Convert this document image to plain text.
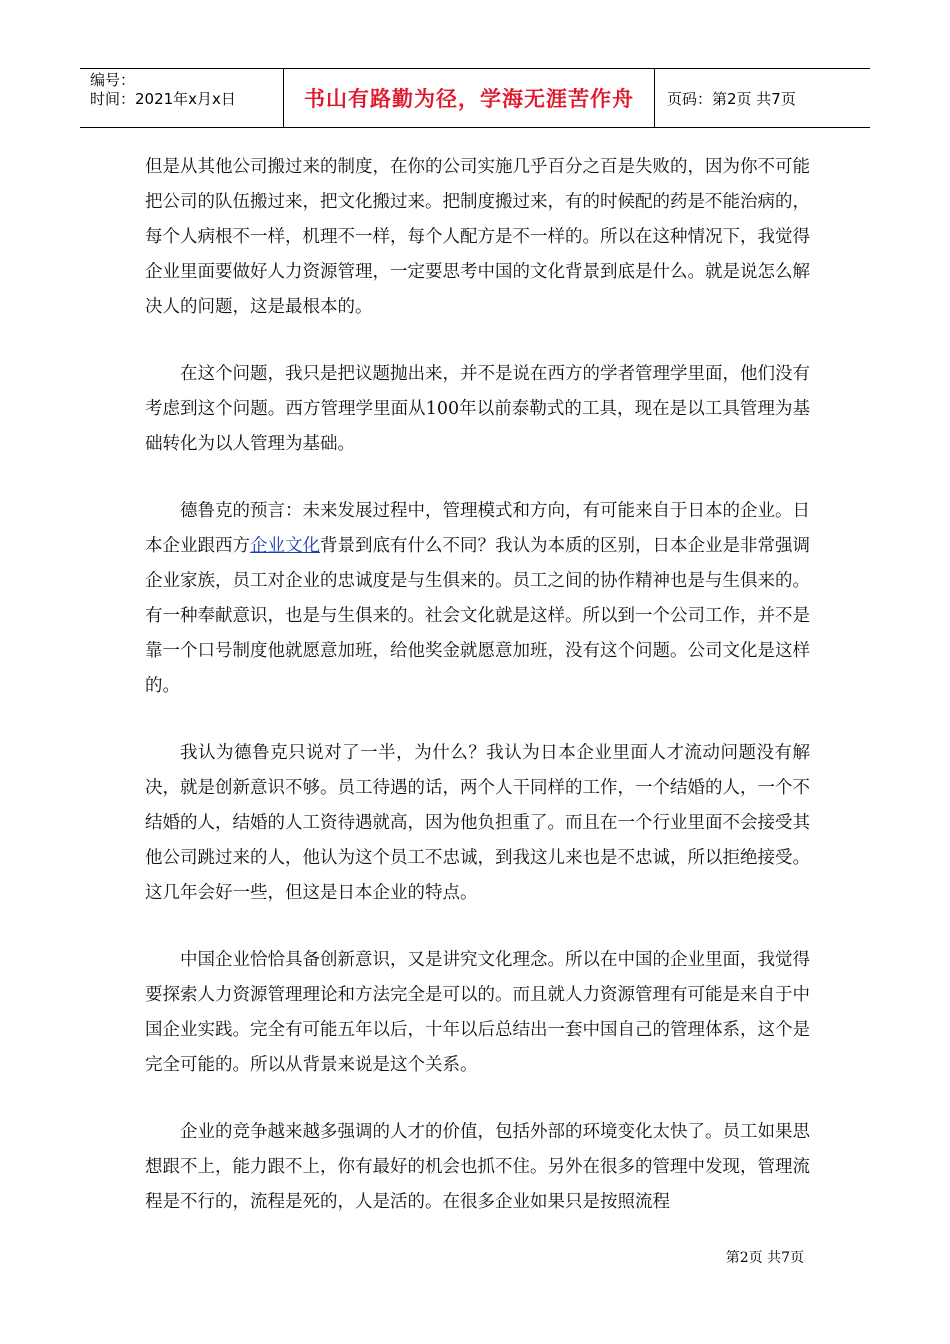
编号：
时间：2021年x月x日	书山有路勤为径，学海无涯苦作舟	页码：第2页 共7页

但是从其他公司搬过来的制度，在你的公司实施几乎百分之百是失败的，因为你不可能把公司的队伍搬过来，把文化搬过来。把制度搬过来，有的时候配的药是不能治病的，每个人病根不一样，机理不一样，每个人配方是不一样的。所以在这种情况下，我觉得企业里面要做好人力资源管理，一定要思考中国的文化背景到底是什么。就是说怎么解决人的问题，这是最根本的。

在这个问题，我只是把议题抛出来，并不是说在西方的学者管理学里面，他们没有考虑到这个问题。西方管理学里面从100年以前泰勒式的工具，现在是以工具管理为基础转化为以人管理为基础。

德鲁克的预言：未来发展过程中，管理模式和方向，有可能来自于日本的企业。日本企业跟西方企业文化背景到底有什么不同？我认为本质的区别，日本企业是非常强调企业家族，员工对企业的忠诚度是与生俱来的。员工之间的协作精神也是与生俱来的。有一种奉献意识，也是与生俱来的。社会文化就是这样。所以到一个公司工作，并不是靠一个口号制度他就愿意加班，给他奖金就愿意加班，没有这个问题。公司文化是这样的。

我认为德鲁克只说对了一半，为什么？我认为日本企业里面人才流动问题没有解决，就是创新意识不够。员工待遇的话，两个人干同样的工作，一个结婚的人，一个不结婚的人，结婚的人工资待遇就高，因为他负担重了。而且在一个行业里面不会接受其他公司跳过来的人，他认为这个员工不忠诚，到我这儿来也是不忠诚，所以拒绝接受。这几年会好一些，但这是日本企业的特点。

中国企业恰恰具备创新意识，又是讲究文化理念。所以在中国的企业里面，我觉得要探索人力资源管理理论和方法完全是可以的。而且就人力资源管理有可能是来自于中国企业实践。完全有可能五年以后，十年以后总结出一套中国自己的管理体系，这个是完全可能的。所以从背景来说是这个关系。

企业的竞争越来越多强调的人才的价值，包括外部的环境变化太快了。员工如果思想跟不上，能力跟不上，你有最好的机会也抓不住。另外在很多的管理中发现，管理流程是不行的，流程是死的，人是活的。在很多企业如果只是按照流程

第2页 共7页
